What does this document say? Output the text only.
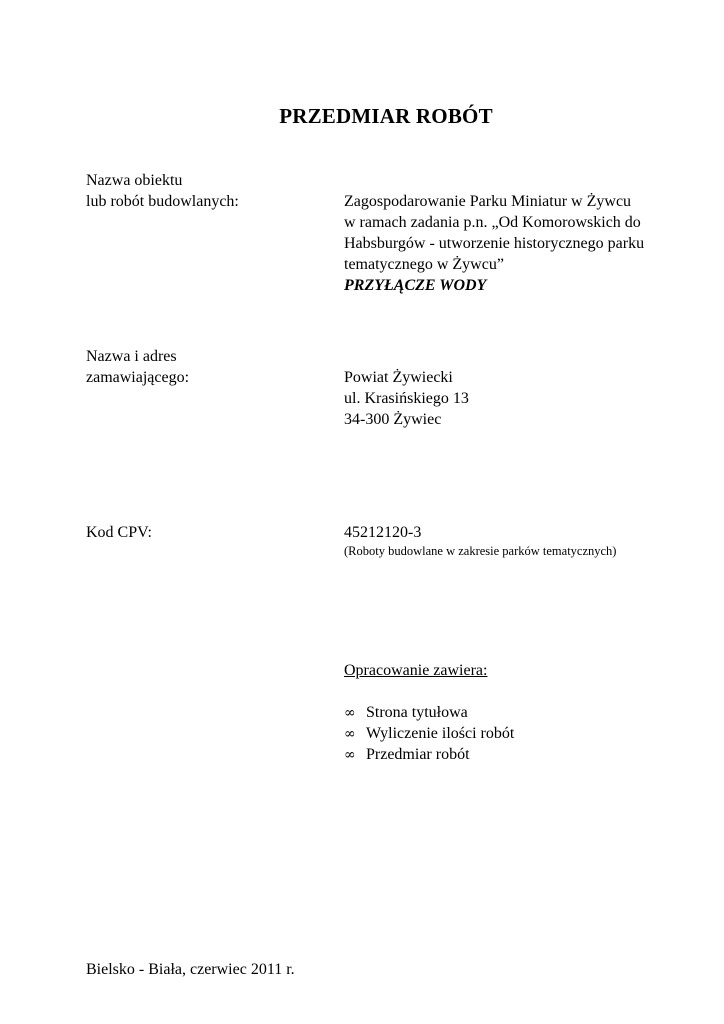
PRZEDMIAR ROBÓT
Nazwa obiektu
lub robót budowlanych:	Zagospodarowanie Parku Miniatur w Żywcu
w ramach zadania p.n. „Od Komorowskich do
Habsburgów - utworzenie historycznego parku
tematycznego w Żywcu”
PRZYŁĄCZE WODY
Nazwa i adres
zamawiającego:	Powiat Żywiecki
ul. Krasińskiego 13
34-300 Żywiec
Kod CPV:	45212120-3
(Roboty budowlane w zakresie parków tematycznych)
Opracowanie zawiera:
∞ Strona tytułowa
∞ Wyliczenie ilości robót
∞ Przedmiar robót
Bielsko - Biała, czerwiec 2011 r.
